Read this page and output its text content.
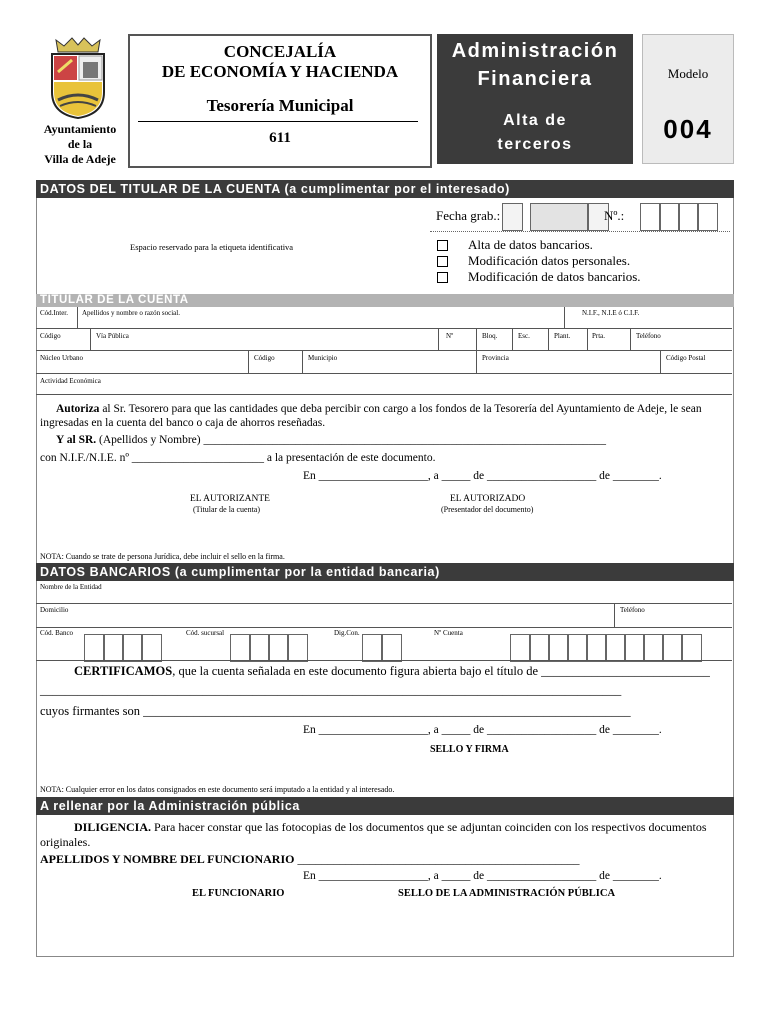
Ayuntamiento
de la
Villa de Adeje
CONCEJALÍA
DE ECONOMÍA Y HACIENDA
Tesorería Municipal
611
Administración
Financiera
Alta de
terceros
Modelo
004
DATOS DEL TITULAR DE LA CUENTA (a cumplimentar por el interesado)
Fecha grab.:	Nº.:
Espacio reservado para la etiqueta identificativa	Alta de datos bancarios.
Modificación datos personales.
Modificación de datos bancarios.
TITULAR DE LA CUENTA
Cód.Inter. Apellidos y nombre o razón social.	N.I.F., N.I.E ó C.I.F.
Código	Vía Pública	Nº	Bloq.	Esc.	Plant.	Prta.	Teléfono
Núcleo Urbano	Código	Municipio	Provincia	Código Postal
Actividad Económica
Autoriza al Sr. Tesorero para que las cantidades que deba percibir con cargo a los fondos de la Tesorería del Ayuntamiento de Adeje, le sean ingresadas en la cuenta del banco o caja de ahorros reseñadas.
Y al SR. (Apellidos y Nombre) ______________________________________________________________________
con N.I.F./N.I.E. nº _______________________ a la presentación de este documento.
En ___________________, a _____ de ___________________ de ________.
EL AUTORIZANTE
(Titular de la cuenta)
EL AUTORIZADO
(Presentador del documento)
NOTA: Cuando se trate de persona Jurídica, debe incluir el sello en la firma.
DATOS BANCARIOS (a cumplimentar por la entidad bancaria)
Nombre de la Entidad
Domicilio	Teléfono
Cód. Banco	Cód. sucursal	Dig.Con.	Nº Cuenta
CERTIFICAMOS, que la cuenta señalada en este documento figura abierta bajo el título de ___________________________
_____________________________________________________________________________________________
cuyos firmantes son ______________________________________________________________________________
En ___________________, a _____ de ___________________ de ________.
SELLO Y FIRMA
NOTA: Cualquier error en los datos consignados en este documento será imputado a la entidad y al interesado.
A rellenar por la Administración pública
DILIGENCIA. Para hacer constar que las fotocopias de los documentos que se adjuntan coinciden con los respectivos documentos originales.
APELLIDOS Y NOMBRE DEL FUNCIONARIO _______________________________________________
En ___________________, a _____ de ___________________ de ________.
EL FUNCIONARIO	SELLO DE LA ADMINISTRACIÓN PÚBLICA
